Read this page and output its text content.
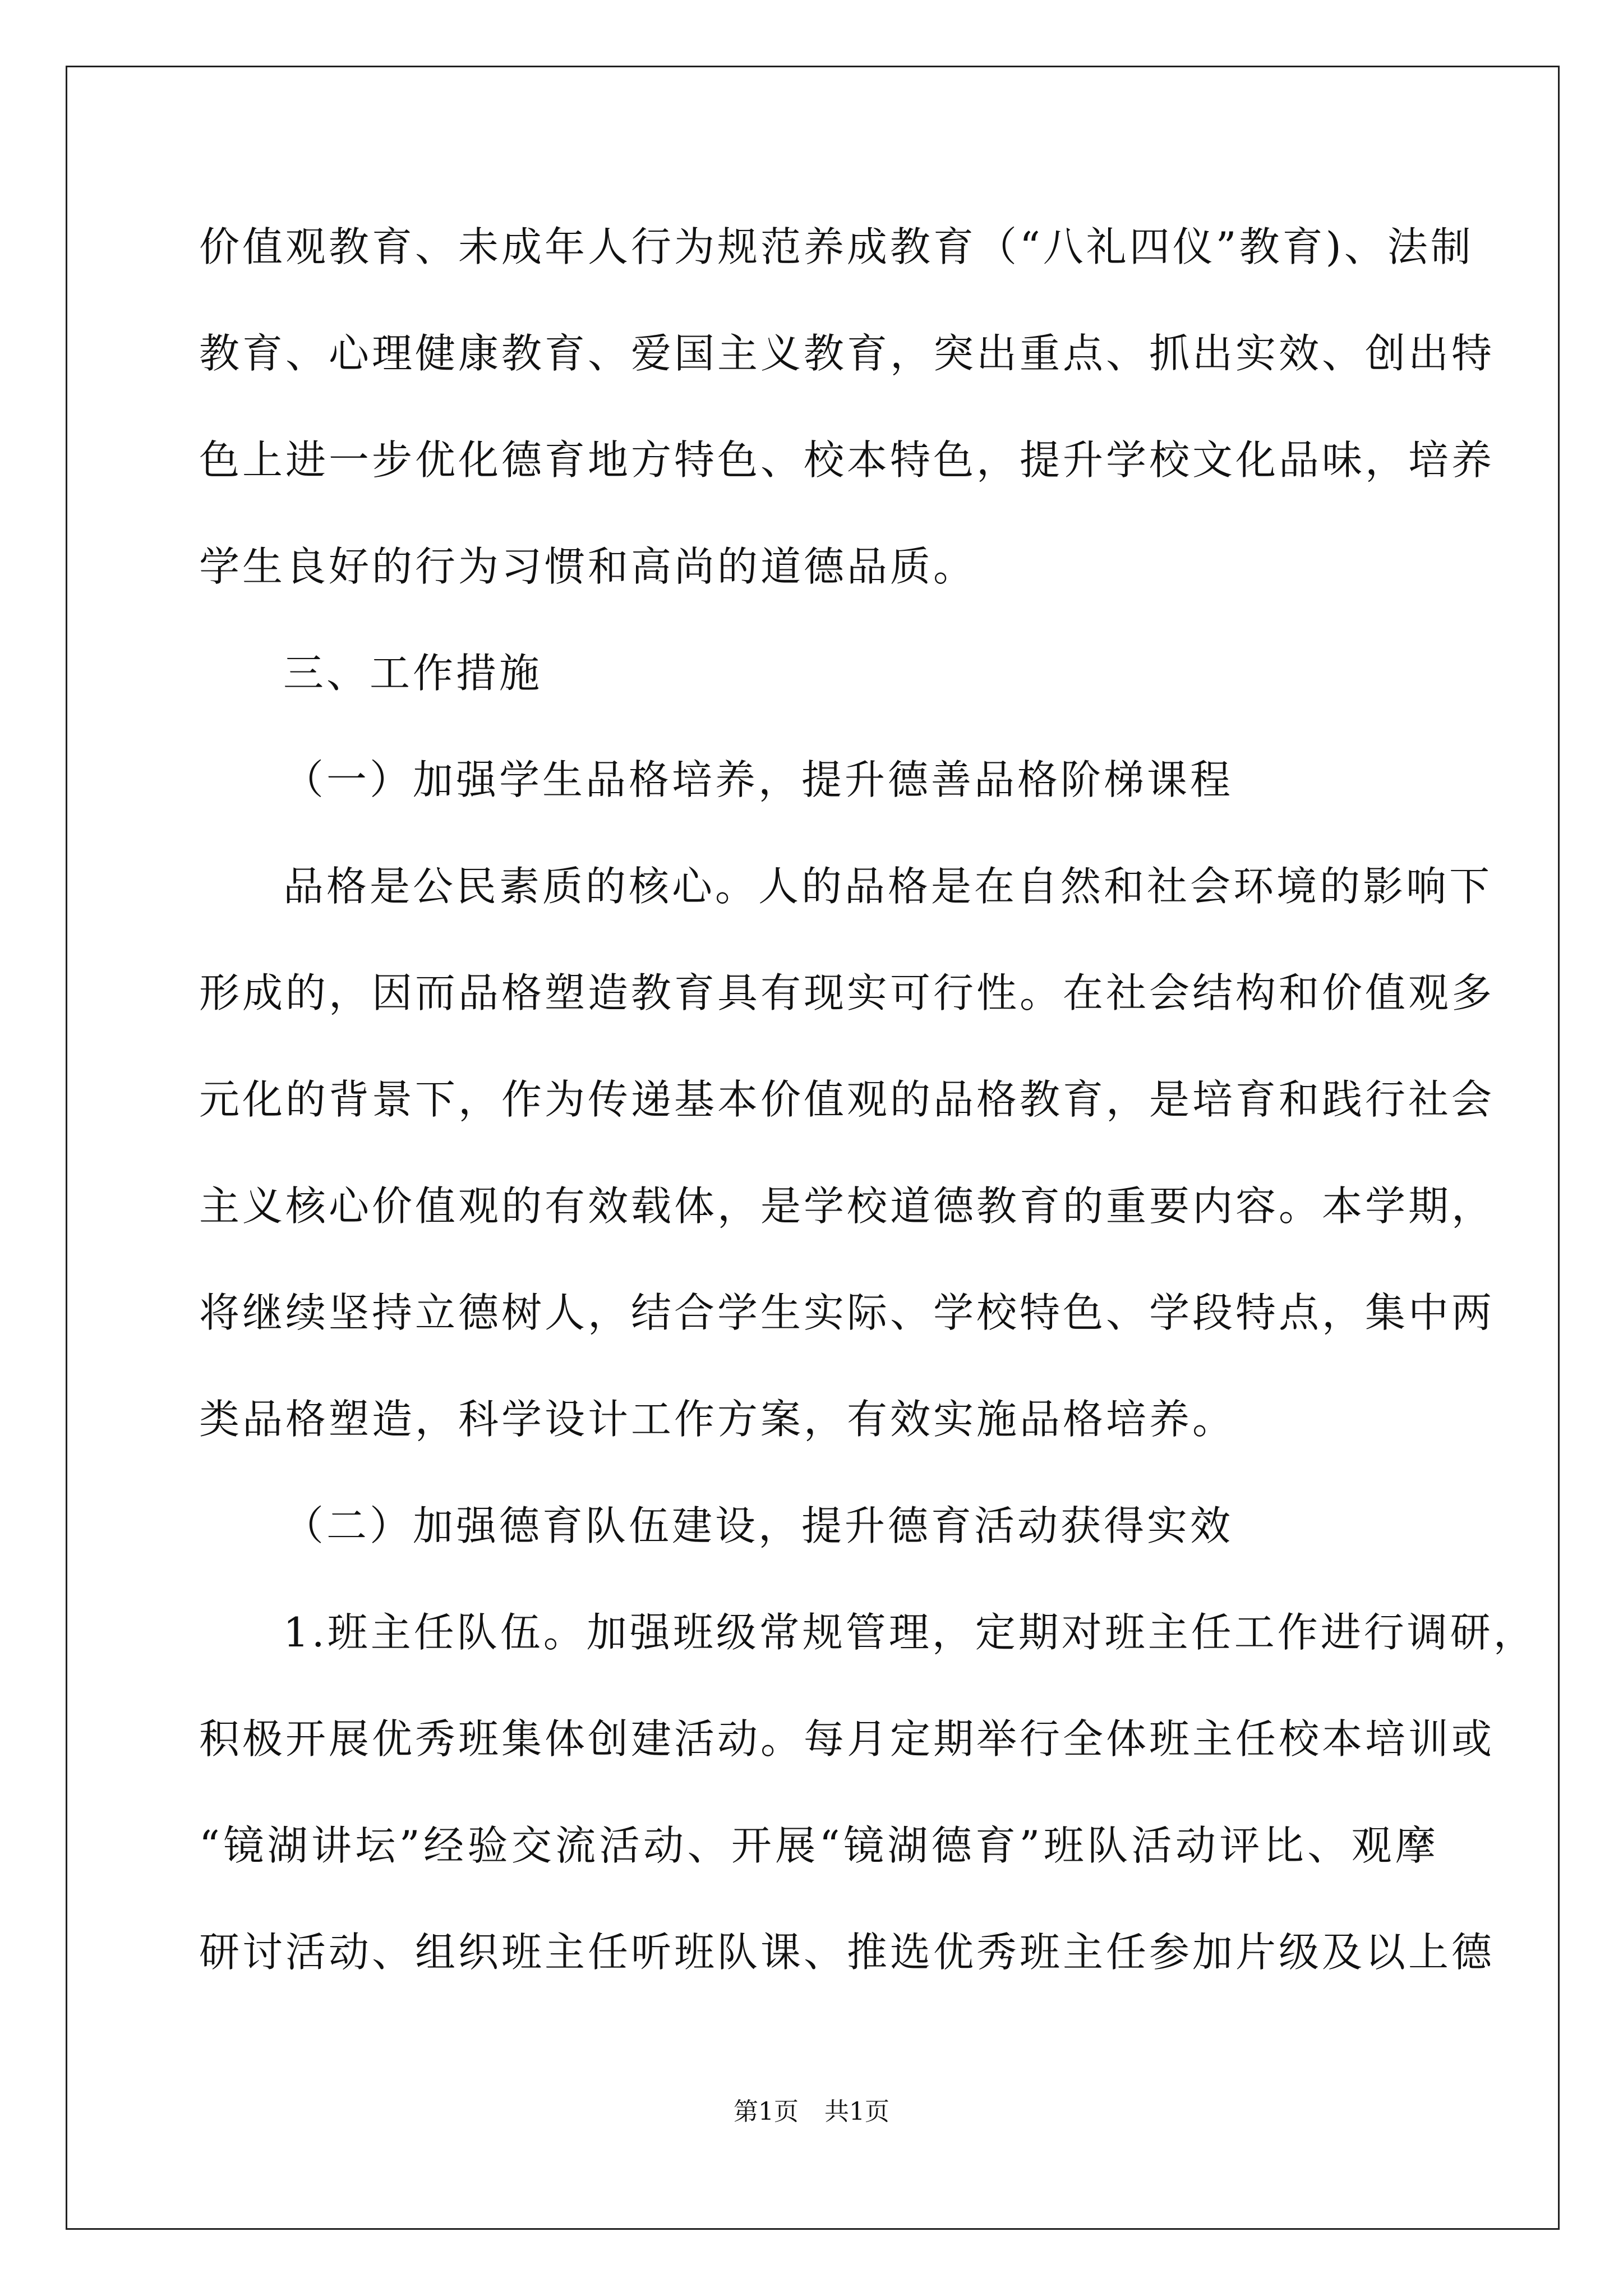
价值观教育、未成年人行为规范养成教育（“八礼四仪”教育)、法制
教育、心理健康教育、爱国主义教育，突出重点、抓出实效、创出特
色上进一步优化德育地方特色、校本特色，提升学校文化品味，培养
学生良好的行为习惯和高尚的道德品质。
三、工作措施
（一）加强学生品格培养，提升德善品格阶梯课程
品格是公民素质的核心。人的品格是在自然和社会环境的影响下
形成的，因而品格塑造教育具有现实可行性。在社会结构和价值观多
元化的背景下，作为传递基本价值观的品格教育，是培育和践行社会
主义核心价值观的有效载体，是学校道德教育的重要内容。本学期，
将继续坚持立德树人，结合学生实际、学校特色、学段特点，集中两
类品格塑造，科学设计工作方案，有效实施品格培养。
（二）加强德育队伍建设，提升德育活动获得实效
1.班主任队伍。加强班级常规管理，定期对班主任工作进行调研，
积极开展优秀班集体创建活动。每月定期举行全体班主任校本培训或
“镜湖讲坛”经验交流活动、开展“镜湖德育”班队活动评比、观摩
研讨活动、组织班主任听班队课、推选优秀班主任参加片级及以上德
第1页 共1页
